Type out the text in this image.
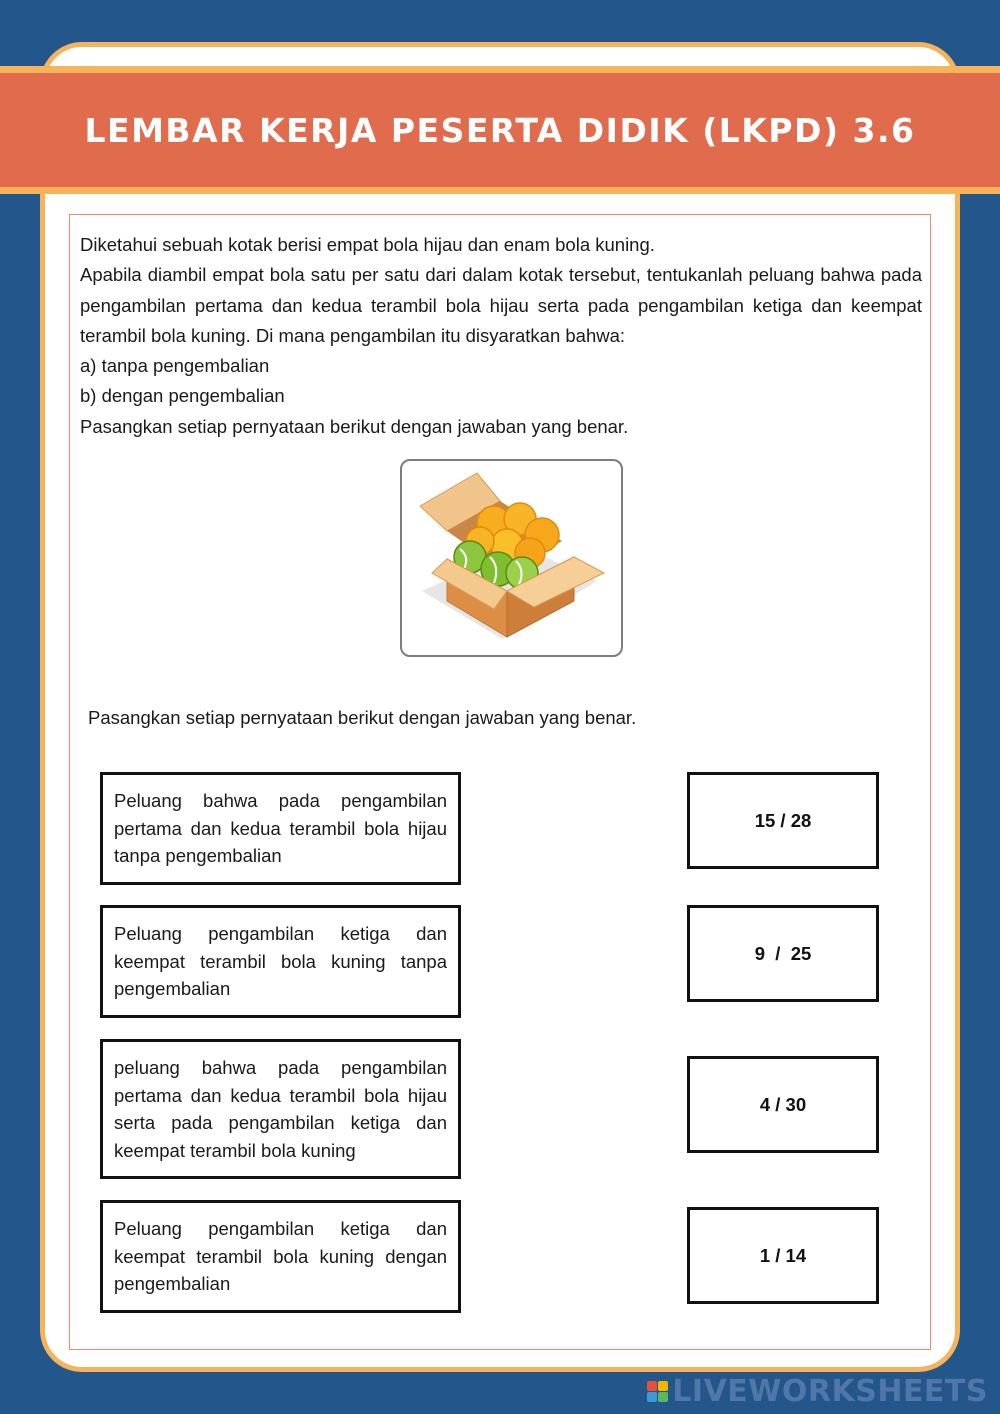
LEMBAR KERJA PESERTA DIDIK (LKPD) 3.6

Diketahui sebuah kotak berisi empat bola hijau dan enam bola kuning.

Apabila diambil empat bola satu per satu dari dalam kotak tersebut, tentukanlah peluang bahwa pada pengambilan pertama dan kedua terambil bola hijau serta pada pengambilan ketiga dan keempat terambil bola kuning. Di mana pengambilan itu disyaratkan bahwa:

a) tanpa pengembalian

b) dengan pengembalian

Pasangkan setiap pernyataan berikut dengan jawaban yang benar.

Pasangkan setiap pernyataan berikut dengan jawaban yang benar.
Peluang bahwa pada pengambilan pertama dan kedua terambil bola hijau tanpa pengembalian
Peluang pengambilan ketiga dan keempat terambil bola kuning tanpa pengembalian
peluang bahwa pada pengambilan pertama dan kedua terambil bola hijau serta pada pengambilan ketiga dan keempat terambil bola kuning
Peluang pengambilan ketiga dan keempat terambil bola kuning dengan pengembalian
15 / 28
9  /  25
4 / 30
1 / 14
LIVEWORKSHEETS
